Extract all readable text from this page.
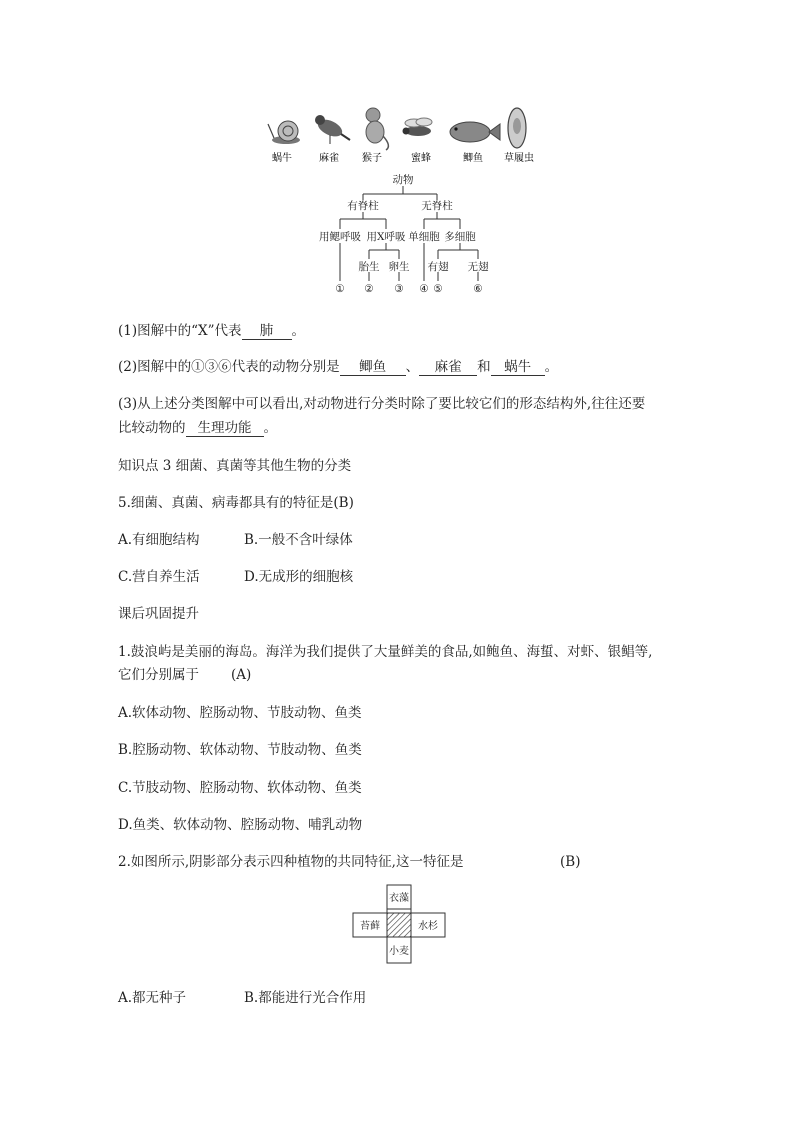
蜗牛	麻雀 猴子	蜜蜂	鲫鱼 草履虫
动物
有脊柱	无脊柱
用鳃呼吸 用X呼吸 单细胞 多细胞
胎生 卵生 有翅 无翅
① ② ③ ④ ⑤	⑥
(1)图解中的“X”代表 肺 。
(2)图解中的①③⑥代表的动物分别是 鲫鱼 、 麻雀 和 蜗牛 。
(3)从上述分类图解中可以看出,对动物进行分类时除了要比较它们的形态结构外,往往还要
比较动物的 生理功能 。
知识点 3 细菌、真菌等其他生物的分类
5.细菌、真菌、病毒都具有的特征是(B)
A.有细胞结构	B.一般不含叶绿体
C.营自养生活	D.无成形的细胞核
课后巩固提升
1.鼓浪屿是美丽的海岛。海洋为我们提供了大量鲜美的食品,如鲍鱼、海蜇、对虾、银鲳等,
它们分别属于 (A)
A.软体动物、腔肠动物、节肢动物、鱼类
B.腔肠动物、软体动物、节肢动物、鱼类
C.节肢动物、腔肠动物、软体动物、鱼类
D.鱼类、软体动物、腔肠动物、哺乳动物
2.如图所示,阴影部分表示四种植物的共同特征,这一特征是	(B)
衣藻
苔藓	水杉
小麦
A.都无种子	B.都能进行光合作用
